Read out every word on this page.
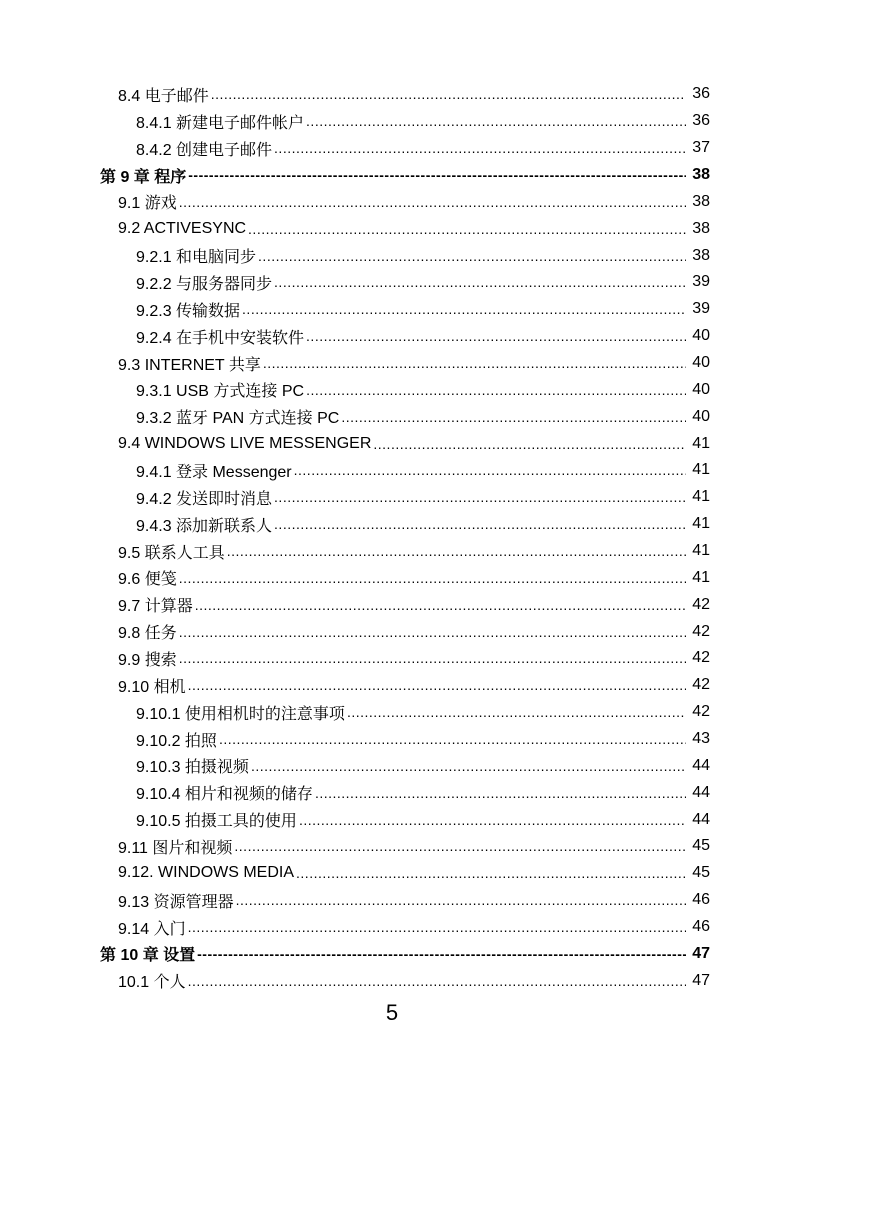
8.4 电子邮件 .....	36
8.4.1 新建电子邮件帐户 .....	36
8.4.2 创建电子邮件 .....	37
第 9 章 程序 -----	38
9.1 游戏 .....	38
9.2 ACTIVESYNC .....	38
9.2.1 和电脑同步 .....	38
9.2.2 与服务器同步 .....	39
9.2.3 传输数据 .....	39
9.2.4 在手机中安装软件 .....	40
9.3 INTERNET 共享 .....	40
9.3.1 USB 方式连接 PC .....	40
9.3.2 蓝牙 PAN 方式连接 PC .....	40
9.4 WINDOWS LIVE MESSENGER .....	41
9.4.1 登录 Messenger .....	41
9.4.2 发送即时消息 .....	41
9.4.3 添加新联系人 .....	41
9.5 联系人工具 .....	41
9.6 便笺 .....	41
9.7 计算器 .....	42
9.8 任务 .....	42
9.9 搜索 .....	42
9.10 相机 .....	42
9.10.1 使用相机时的注意事项 .....	42
9.10.2 拍照 .....	43
9.10.3 拍摄视频 .....	44
9.10.4 相片和视频的储存 .....	44
9.10.5 拍摄工具的使用 .....	44
9.11 图片和视频 .....	45
9.12. WINDOWS MEDIA .....	45
9.13 资源管理器 .....	46
9.14 入门 .....	46
第 10 章 设置 -----	47
10.1 个人 .....	47
5
